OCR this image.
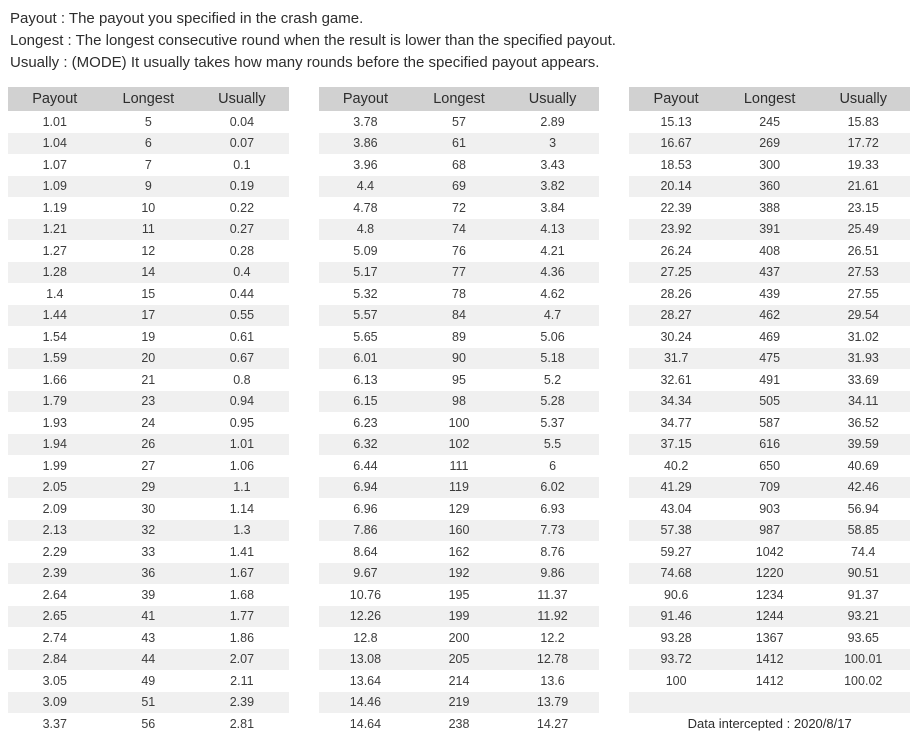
Payout : The payout you specified in the crash game.
Longest : The longest consecutive round when the result is lower than the specified payout.
Usually : (MODE) It usually takes how many rounds before the specified payout appears.
Payout	Longest	Usually
1.01	5	0.04
1.04	6	0.07
1.07	7	0.1
1.09	9	0.19
1.19	10	0.22
1.21	11	0.27
1.27	12	0.28
1.28	14	0.4
1.4	15	0.44
1.44	17	0.55
1.54	19	0.61
1.59	20	0.67
1.66	21	0.8
1.79	23	0.94
1.93	24	0.95
1.94	26	1.01
1.99	27	1.06
2.05	29	1.1
2.09	30	1.14
2.13	32	1.3
2.29	33	1.41
2.39	36	1.67
2.64	39	1.68
2.65	41	1.77
2.74	43	1.86
2.84	44	2.07
3.05	49	2.11
3.09	51	2.39
3.37	56	2.81
Payout	Longest	Usually
3.78	57	2.89
3.86	61	3
3.96	68	3.43
4.4	69	3.82
4.78	72	3.84
4.8	74	4.13
5.09	76	4.21
5.17	77	4.36
5.32	78	4.62
5.57	84	4.7
5.65	89	5.06
6.01	90	5.18
6.13	95	5.2
6.15	98	5.28
6.23	100	5.37
6.32	102	5.5
6.44	111	6
6.94	119	6.02
6.96	129	6.93
7.86	160	7.73
8.64	162	8.76
9.67	192	9.86
10.76	195	11.37
12.26	199	11.92
12.8	200	12.2
13.08	205	12.78
13.64	214	13.6
14.46	219	13.79
14.64	238	14.27
Payout	Longest	Usually
15.13	245	15.83
16.67	269	17.72
18.53	300	19.33
20.14	360	21.61
22.39	388	23.15
23.92	391	25.49
26.24	408	26.51
27.25	437	27.53
28.26	439	27.55
28.27	462	29.54
30.24	469	31.02
31.7	475	31.93
32.61	491	33.69
34.34	505	34.11
34.77	587	36.52
37.15	616	39.59
40.2	650	40.69
41.29	709	42.46
43.04	903	56.94
57.38	987	58.85
59.27	1042	74.4
74.68	1220	90.51
90.6	1234	91.37
91.46	1244	93.21
93.28	1367	93.65
93.72	1412	100.01
100	1412	100.02

Data intercepted : 2020/8/17		
